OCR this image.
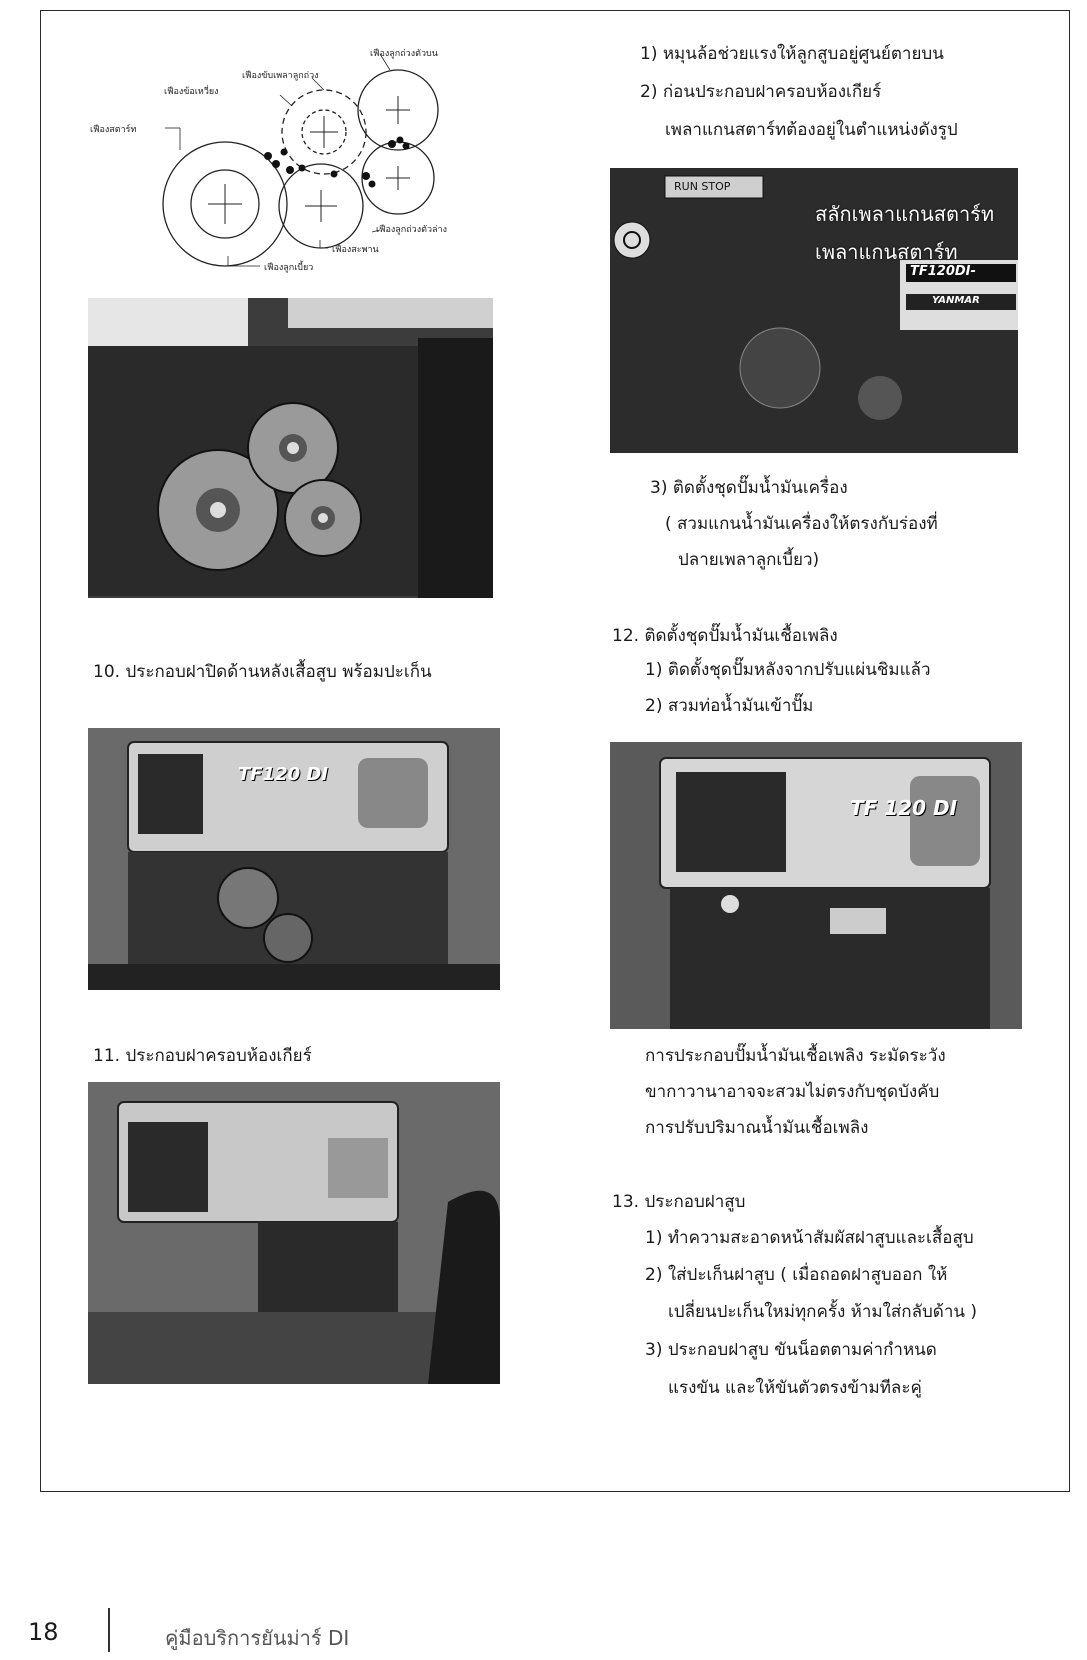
เฟืองลูกถ่วงตัวบน
เฟืองขับเพลาลูกถ่วง
เฟืองข้อเหวี่ยง
เฟืองสตาร์ท
เฟืองลูกถ่วงตัวล่าง
เฟืองสะพาน
เฟืองลูกเบี้ยว
1) หมุนล้อช่วยแรงให้ลูกสูบอยู่ศูนย์ตายบน
2) ก่อนประกอบฝาครอบห้องเกียร์
เพลาแกนสตาร์ทต้องอยู่ในตำแหน่งดังรูป
RUN STOP
สลักเพลาแกนสตาร์ท
เพลาแกนสตาร์ท
TF120DI-
YANMAR
3) ติดตั้งชุดปั๊มน้ำมันเครื่อง
( สวมแกนน้ำมันเครื่องให้ตรงกับร่องที่
ปลายเพลาลูกเบี้ยว)
12. ติดตั้งชุดปั๊มน้ำมันเชื้อเพลิง
1) ติดตั้งชุดปั๊มหลังจากปรับแผ่นชิมแล้ว
2) สวมท่อน้ำมันเข้าปั๊ม
10. ประกอบฝาปิดด้านหลังเสื้อสูบ พร้อมปะเก็น
TF120 DI
TF 120 DI
การประกอบปั๊มน้ำมันเชื้อเพลิง ระมัดระวัง
ขากาวานาอาจจะสวมไม่ตรงกับชุดบังคับ
การปรับปริมาณน้ำมันเชื้อเพลิง
11. ประกอบฝาครอบห้องเกียร์
13. ประกอบฝาสูบ
1) ทำความสะอาดหน้าสัมผัสฝาสูบและเสื้อสูบ
2) ใส่ปะเก็นฝาสูบ ( เมื่อถอดฝาสูบออก ให้
เปลี่ยนปะเก็นใหม่ทุกครั้ง ห้ามใส่กลับด้าน )
3) ประกอบฝาสูบ ขันน็อตตามค่ากำหนด
แรงขัน และให้ขันตัวตรงข้ามทีละคู่
18	คู่มือบริการยันม่าร์ DI
